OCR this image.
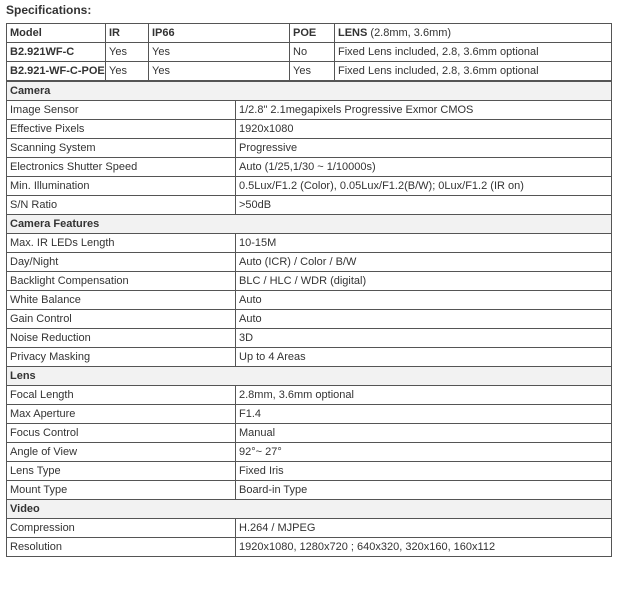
Specifications:
Model	IR	IP66	POE	LENS (2.8mm, 3.6mm)
B2.921WF-C	Yes	Yes	No	Fixed Lens included, 2.8, 3.6mm optional
B2.921-WF-C-POE	Yes	Yes	Yes	Fixed Lens included, 2.8, 3.6mm optional
Camera	
Image Sensor	1/2.8" 2.1megapixels Progressive Exmor CMOS
Effective Pixels	1920x1080
Scanning System	Progressive
Electronics Shutter Speed	Auto (1/25,1/30 ~ 1/10000s)
Min. Illumination	0.5Lux/F1.2 (Color), 0.05Lux/F1.2(B/W); 0Lux/F1.2 (IR on)
S/N Ratio	>50dB
Camera Features	
Max. IR LEDs Length	10-15M
Day/Night	Auto (ICR) / Color / B/W
Backlight Compensation	BLC / HLC / WDR (digital)
White Balance	Auto
Gain Control	Auto
Noise Reduction	3D
Privacy Masking	Up to 4 Areas
Lens	
Focal Length	2.8mm, 3.6mm optional
Max Aperture	F1.4
Focus Control	Manual
Angle of View	92°~ 27°
Lens Type	Fixed Iris
Mount Type	Board-in Type
Video	
Compression	H.264 / MJPEG
Resolution	1920x1080, 1280x720 ; 640x320, 320x160, 160x112
